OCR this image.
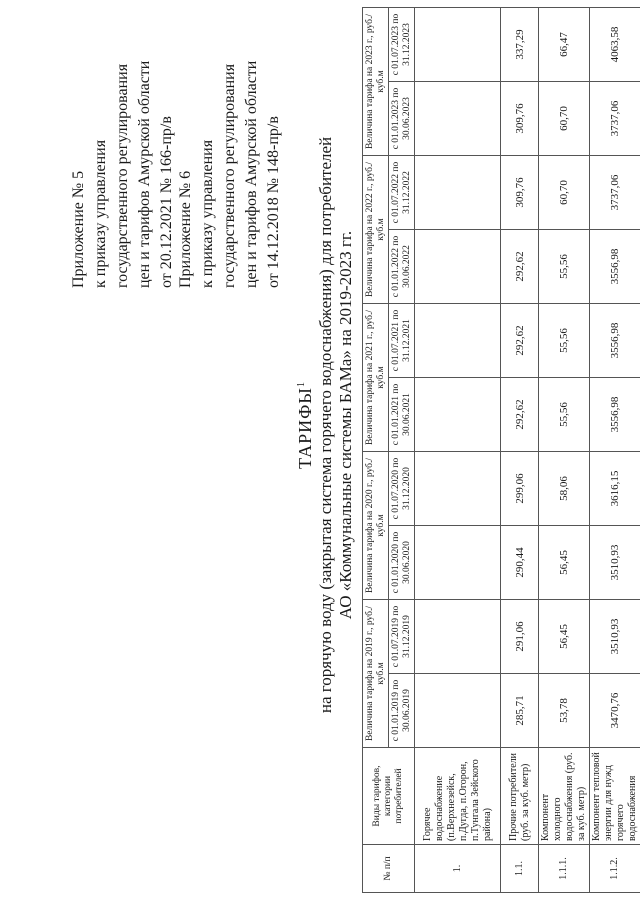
Приложение № 5 к приказу управления государственного регулирования цен и тарифов Амурской области от 20.12.2021 № 166-пр/в Приложение № 6 к приказу управления государственного регулирования цен и тарифов Амурской области от 14.12.2018 № 148-пр/в
ТАРИФЫ$^1$ на горячую воду (закрытая система горячего водоснабжения) для потребителей АО «Коммунальные системы БАМа» на 2019-2023 гг.
№ п/п	Виды тарифов, категории потребителей	Величина тарифа на 2019 г., руб./куб.м		Величина тарифа на 2020 г., руб./куб.м		Величина тарифа на 2021 г., руб./куб.м		Величина тарифа на 2022 г., руб./куб.м		Величина тарифа на 2023 г., руб./куб.м	
		с 01.01.2019 по 30.06.2019	с 01.07.2019 по 31.12.2019	с 01.01.2020 по 30.06.2020	с 01.07.2020 по 31.12.2020	с 01.01.2021 по 30.06.2021	с 01.07.2021 по 31.12.2021	с 01.01.2022 по 30.06.2022	с 01.07.2022 по 31.12.2022	с 01.01.2023 по 30.06.2023	с 01.07.2023 по 31.12.2023
1.	Горячее водоснабжение (п.Верхнезейск, п.Дугда, п.Огорон, п.Тунгала Зейского района)										
1.1.	Прочие потребители (руб. за куб. метр)	285,71	291,06	290,44	299,06	292,62	292,62	292,62	309,76	309,76	337,29
1.1.1.	Компонент холодного водоснабжения (руб. за куб. метр)	53,78	56,45	56,45	58,06	55,56	55,56	55,56	60,70	60,70	66,47
1.1.2.	Компонент тепловой энергии для нужд горячего водоснабжения	3470,76	3510,93	3510,93	3616,15	3556,98	3556,98	3556,98	3737,06	3737,06	4063,58
